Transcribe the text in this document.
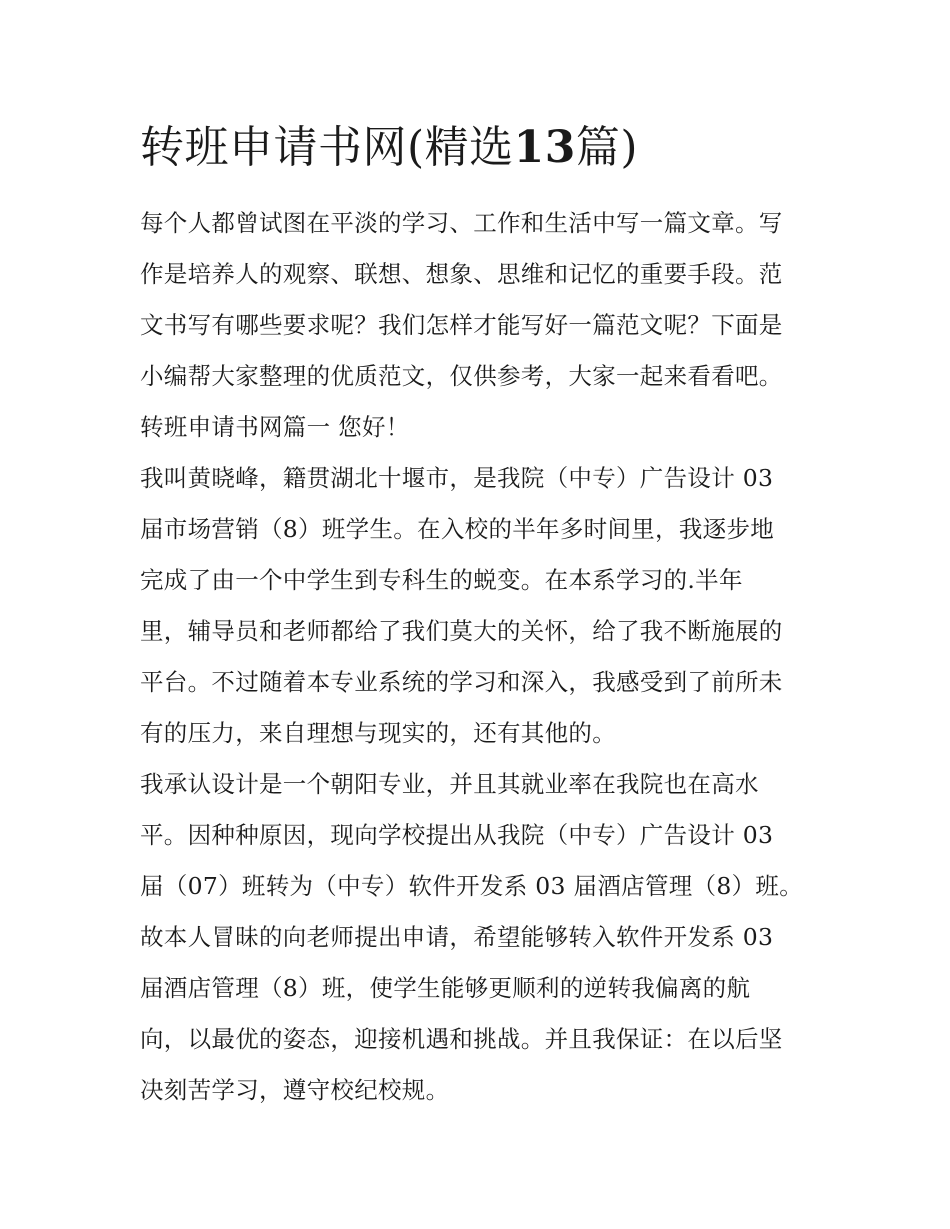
转班申请书网(精选13篇)
每个人都曾试图在平淡的学习、工作和生活中写一篇文章。写
作是培养人的观察、联想、想象、思维和记忆的重要手段。范
文书写有哪些要求呢？我们怎样才能写好一篇范文呢？下面是
小编帮大家整理的优质范文，仅供参考，大家一起来看看吧。
转班申请书网篇一 您好！
我叫黄晓峰，籍贯湖北十堰市，是我院（中专）广告设计 03
届市场营销（8）班学生。在入校的半年多时间里，我逐步地
完成了由一个中学生到专科生的蜕变。在本系学习的.半年
里，辅导员和老师都给了我们莫大的关怀，给了我不断施展的
平台。不过随着本专业系统的学习和深入，我感受到了前所未
有的压力，来自理想与现实的，还有其他的。
我承认设计是一个朝阳专业，并且其就业率在我院也在高水
平。因种种原因，现向学校提出从我院（中专）广告设计 03
届（07）班转为（中专）软件开发系 03 届酒店管理（8）班。
故本人冒昧的向老师提出申请，希望能够转入软件开发系 03
届酒店管理（8）班，使学生能够更顺利的逆转我偏离的航
向，以最优的姿态，迎接机遇和挑战。并且我保证：在以后坚
决刻苦学习，遵守校纪校规。
